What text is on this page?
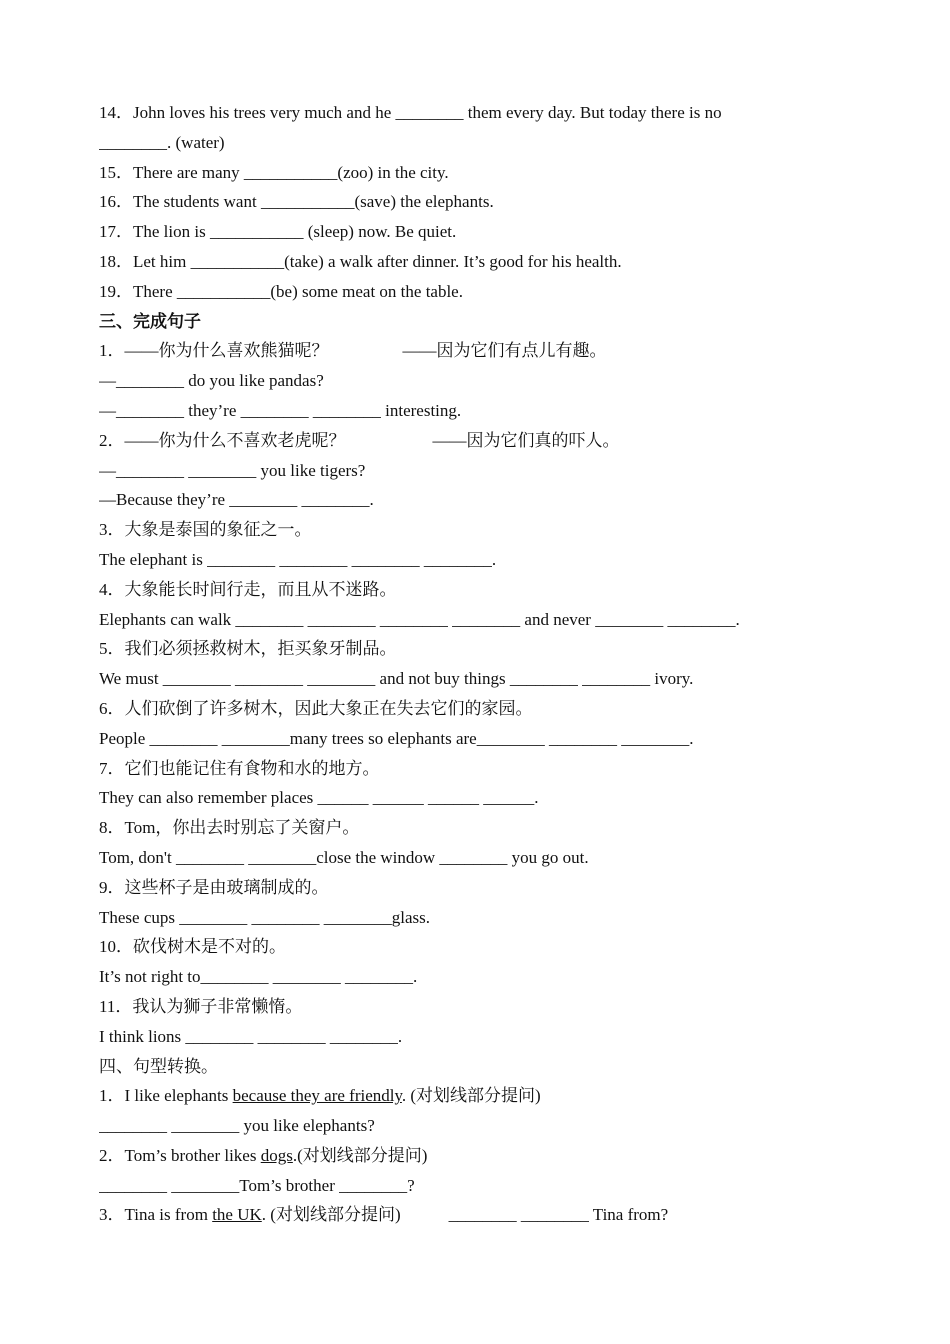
14．John loves his trees very much and he ________ them every day. But today there is no
________. (water)
15．There are many ___________(zoo) in the city.
16．The students want ___________(save) the elephants.
17．The lion is ___________ (sleep) now. Be quiet.
18．Let him ___________(take) a walk after dinner. It’s good for his health.
19．There ___________(be) some meat on the table.
三、完成句子
1．——你为什么喜欢熊猫呢？	——因为它们有点儿有趣。
—________ do you like pandas?
—________ they’re ________ ________ interesting.
2．——你为什么不喜欢老虎呢？	——因为它们真的吓人。
—________ ________ you like tigers?
—Because they’re ________ ________.
3．大象是泰国的象征之一。
The elephant is ________ ________ ________ ________.
4．大象能长时间行走，而且从不迷路。
Elephants can walk ________ ________ ________ ________ and never ________ ________.
5．我们必须拯救树木，拒买象牙制品。
We must ________ ________ ________ and not buy things ________ ________ ivory.
6．人们砍倒了许多树木，因此大象正在失去它们的家园。
People ________ ________many trees so elephants are________ ________ ________.
7．它们也能记住有食物和水的地方。
They can also remember places ______ ______ ______ ______.
8．Tom，你出去时别忘了关窗户。
Tom, don't ________ ________close the window ________ you go out.
9．这些杯子是由玻璃制成的。
These cups ________ ________ ________glass.
10．砍伐树木是不对的。
It’s not right to________ ________ ________.
11．我认为狮子非常懒惰。
I think lions ________ ________ ________.
四、句型转换。
1．I like elephants because they are friendly. (对划线部分提问)
________ ________ you like elephants?
2．Tom’s brother likes dogs.(对划线部分提问)
________ ________Tom’s brother ________?
3．Tina is from the UK. (对划线部分提问)	________ ________ Tina from?
